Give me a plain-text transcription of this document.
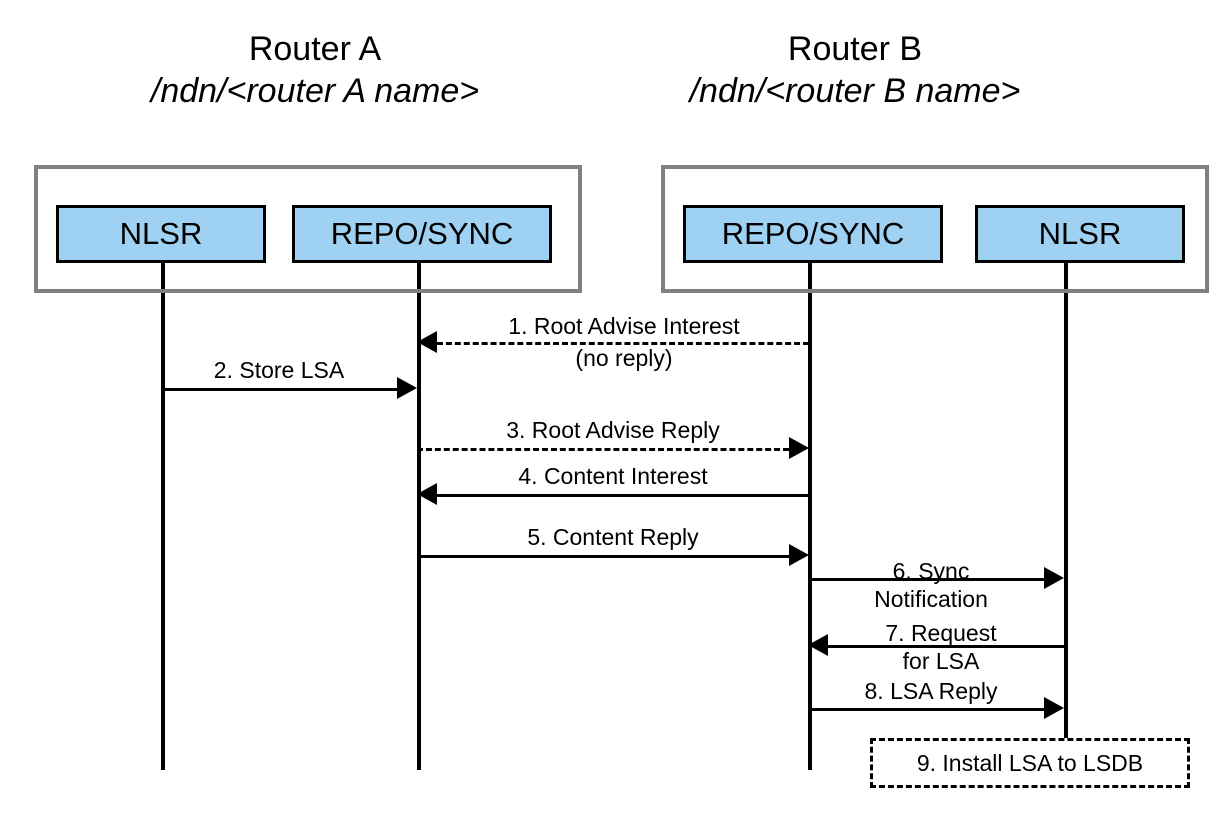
Router A
/ndn/<router A name>
Router B
/ndn/<router B name>
NLSR	REPO/SYNC	REPO/SYNC	NLSR
1. Root Advise Interest
(no reply)
2. Store LSA
3. Root Advise Reply
4. Content Interest
5. Content Reply
6. Sync
Notification
7. Request
for LSA
8. LSA Reply
9. Install LSA to LSDB
